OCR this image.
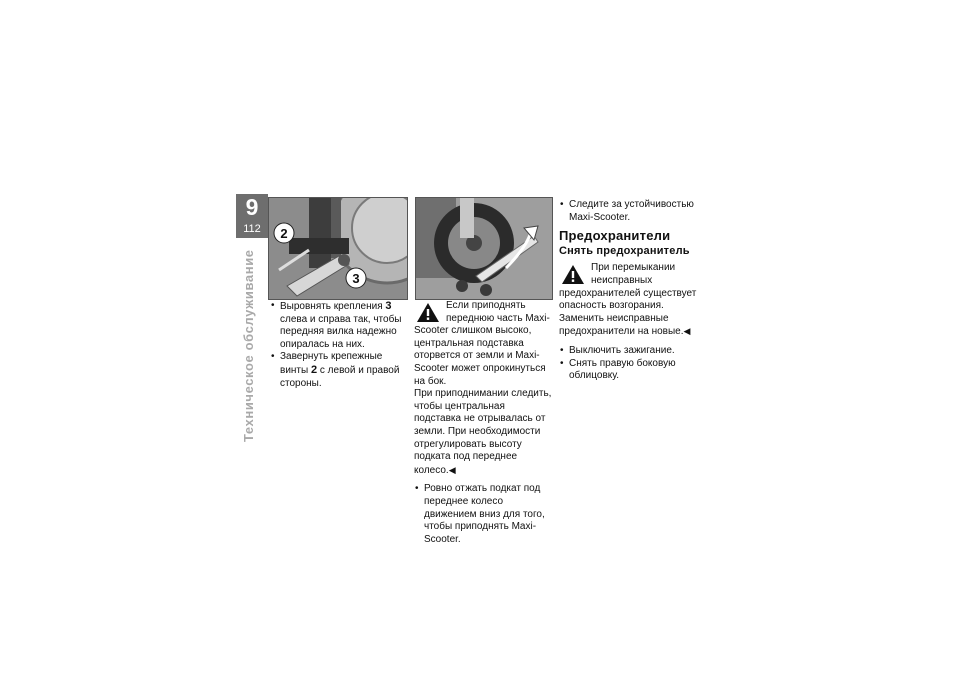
9
112
Техническое обслуживание
2
3

• Выровнять крепления 3 слева и справа так, чтобы передняя вилка надежно опиралась на них.

• Завернуть крепежные винты 2 с левой и правой стороны.

Если приподнять переднюю часть Maxi-Scooter слишком высоко, центральная подставка оторвется от земли и Maxi-Scooter может опрокинуться на бок.

При приподнимании следить, чтобы центральная подставка не отрывалась от земли. При необходимости отрегулировать высоту подката под переднее колесо.◀

• Ровно отжать подкат под переднее колесо движением вниз для того, чтобы приподнять Maxi-Scooter.

• Следите за устойчивостью Maxi-Scooter.

Предохранители
Снять предохранитель

При перемыкании неисправных предохранителей существует опасность возгорания.

Заменить неисправные предохранители на новые.◀

• Выключить зажигание.

• Снять правую боковую облицовку.
